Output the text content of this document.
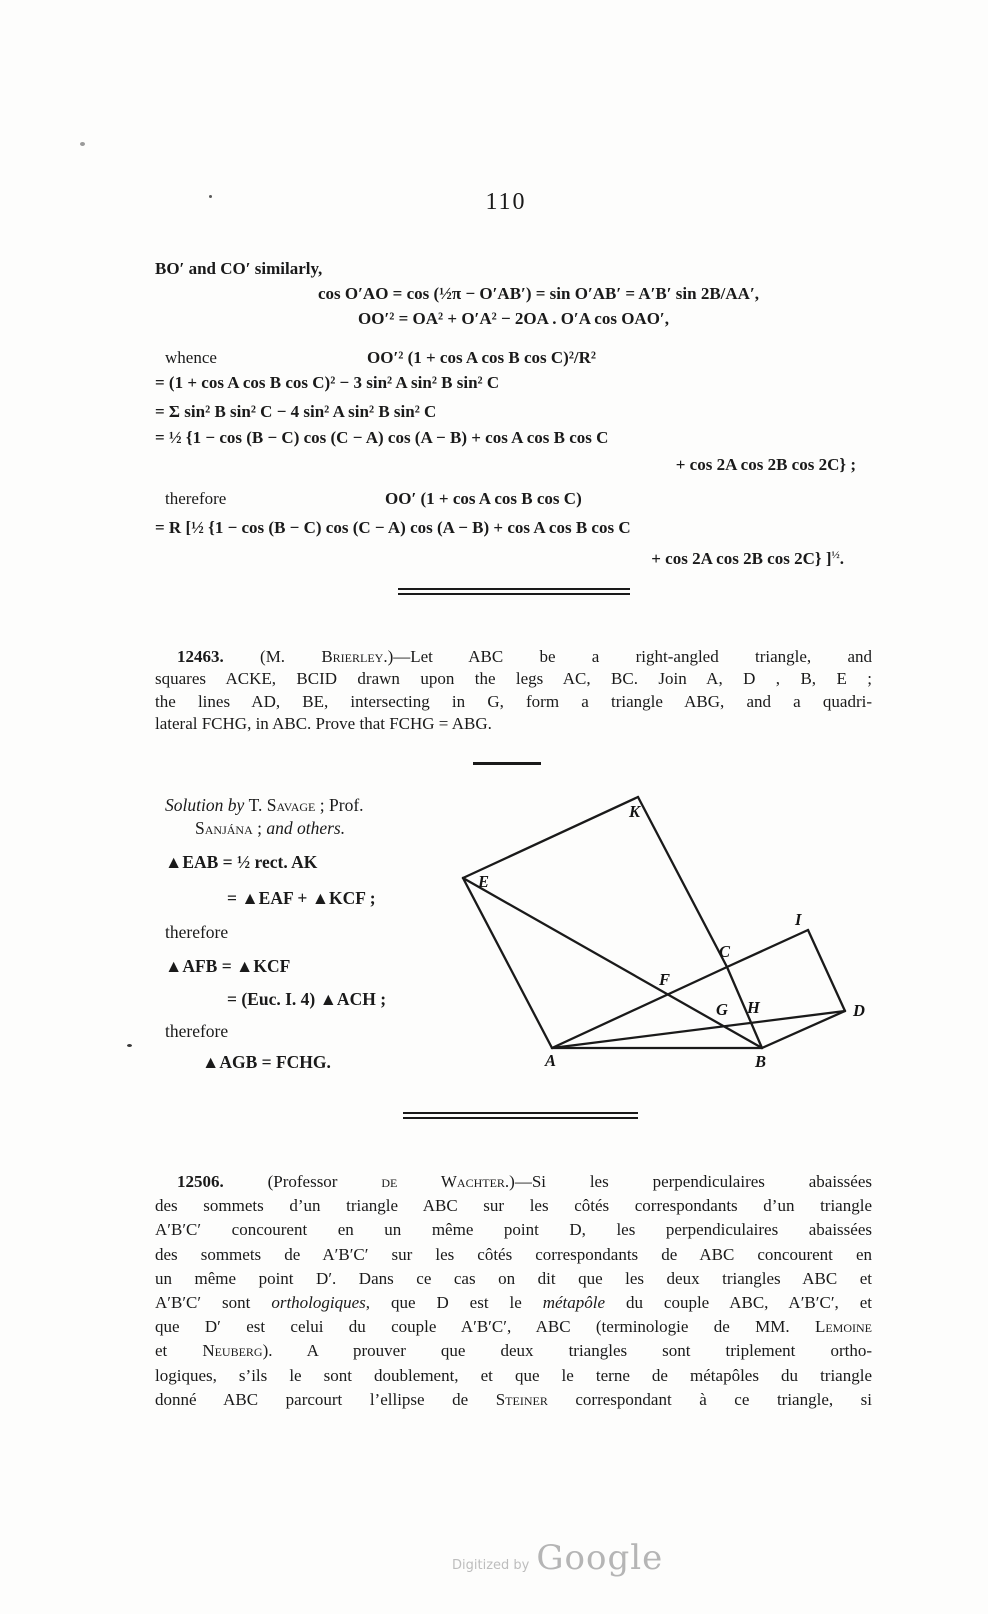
110
BO′ and CO′ similarly,
cos O′AO = cos (½π − O′AB′) = sin O′AB′ = A′B′ sin 2B/AA′,
OO′² = OA² + O′A² − 2OA . O′A cos OAO′,
whence	OO′² (1 + cos A cos B cos C)²/R²
= (1 + cos A cos B cos C)² − 3 sin² A sin² B sin² C
= Σ sin² B sin² C − 4 sin² A sin² B sin² C
= ½ {1 − cos (B − C) cos (C − A) cos (A − B) + cos A cos B cos C
+ cos 2A cos 2B cos 2C} ;
therefore	OO′ (1 + cos A cos B cos C)
= R [½ {1 − cos (B − C) cos (C − A) cos (A − B) + cos A cos B cos C
+ cos 2A cos 2B cos 2C} ]$^{\frac{1}{2}}$.
12463. (M. Brierley.)—Let ABC be a right-angled triangle, and
squares ACKE, BCID drawn upon the legs AC, BC. Join A, D , B, E ;
the lines AD, BE, intersecting in G, form a triangle ABG, and a quadri-
lateral FCHG, in ABC. Prove that FCHG = ABG.
Solution by T. Savage ; Prof.
Sanjána ; and others.
▲EAB = ½ rect. AK
= ▲EAF + ▲KCF ;
therefore
▲AFB = ▲KCF
= (Euc. I. 4) ▲ACH ;
therefore
▲AGB = FCHG.
K
E
I
C
F
G H	D
A	B
12506. (Professor de Wachter.)—Si les perpendiculaires abaissées
des sommets d’un triangle ABC sur les côtés correspondants d’un triangle
A′B′C′ concourent en un même point D, les perpendiculaires abaissées
des sommets de A′B′C′ sur les côtés correspondants de ABC concourent en
un même point D′. Dans ce cas on dit que les deux triangles ABC et
A′B′C′ sont orthologiques, que D est le métapôle du couple ABC, A′B′C′, et
que D′ est celui du couple A′B′C′, ABC (terminologie de MM. Lemoine
et Neuberg). A prouver que deux triangles sont triplement ortho-
logiques, s’ils le sont doublement, et que le terne de métapôles du triangle
donné ABC parcourt l’ellipse de Steiner correspondant à ce triangle, si
Digitized by Google
